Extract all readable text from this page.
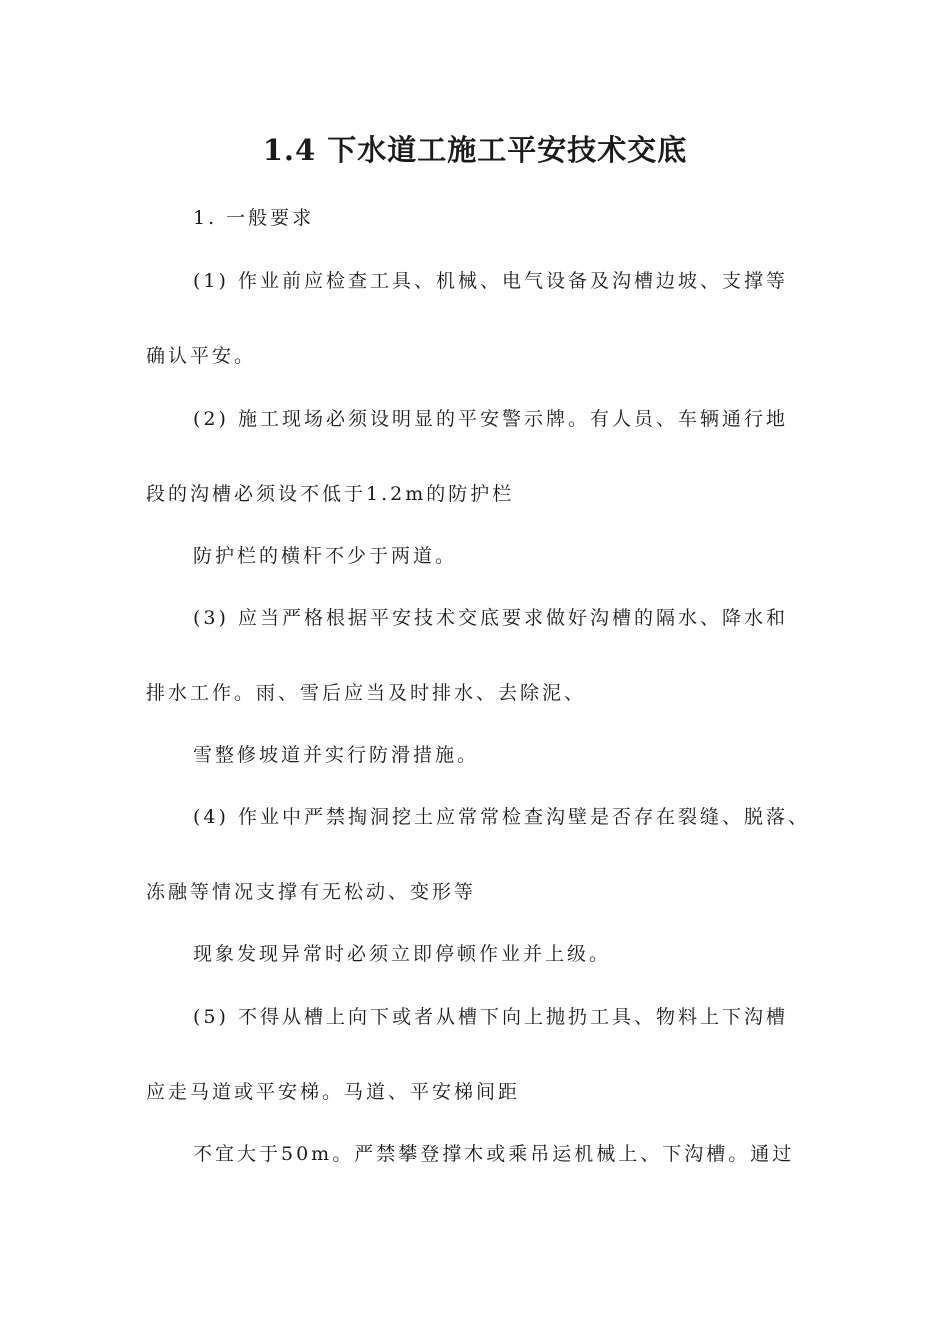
1.4 下水道工施工平安技术交底
1. 一般要求
(1) 作业前应检查工具、机械、电气设备及沟槽边坡、支撑等
确认平安。
(2) 施工现场必须设明显的平安警示牌。有人员、车辆通行地
段的沟槽必须设不低于1.2m的防护栏
防护栏的横杆不少于两道。
(3) 应当严格根据平安技术交底要求做好沟槽的隔水、降水和
排水工作。雨、雪后应当及时排水、去除泥、
雪整修坡道并实行防滑措施。
(4) 作业中严禁掏洞挖土应常常检查沟壁是否存在裂缝、脱落、
冻融等情况支撑有无松动、变形等
现象发现异常时必须立即停顿作业并上级。
(5) 不得从槽上向下或者从槽下向上抛扔工具、物料上下沟槽
应走马道或平安梯。马道、平安梯间距
不宜大于50m。严禁攀登撑木或乘吊运机械上、下沟槽。通过
